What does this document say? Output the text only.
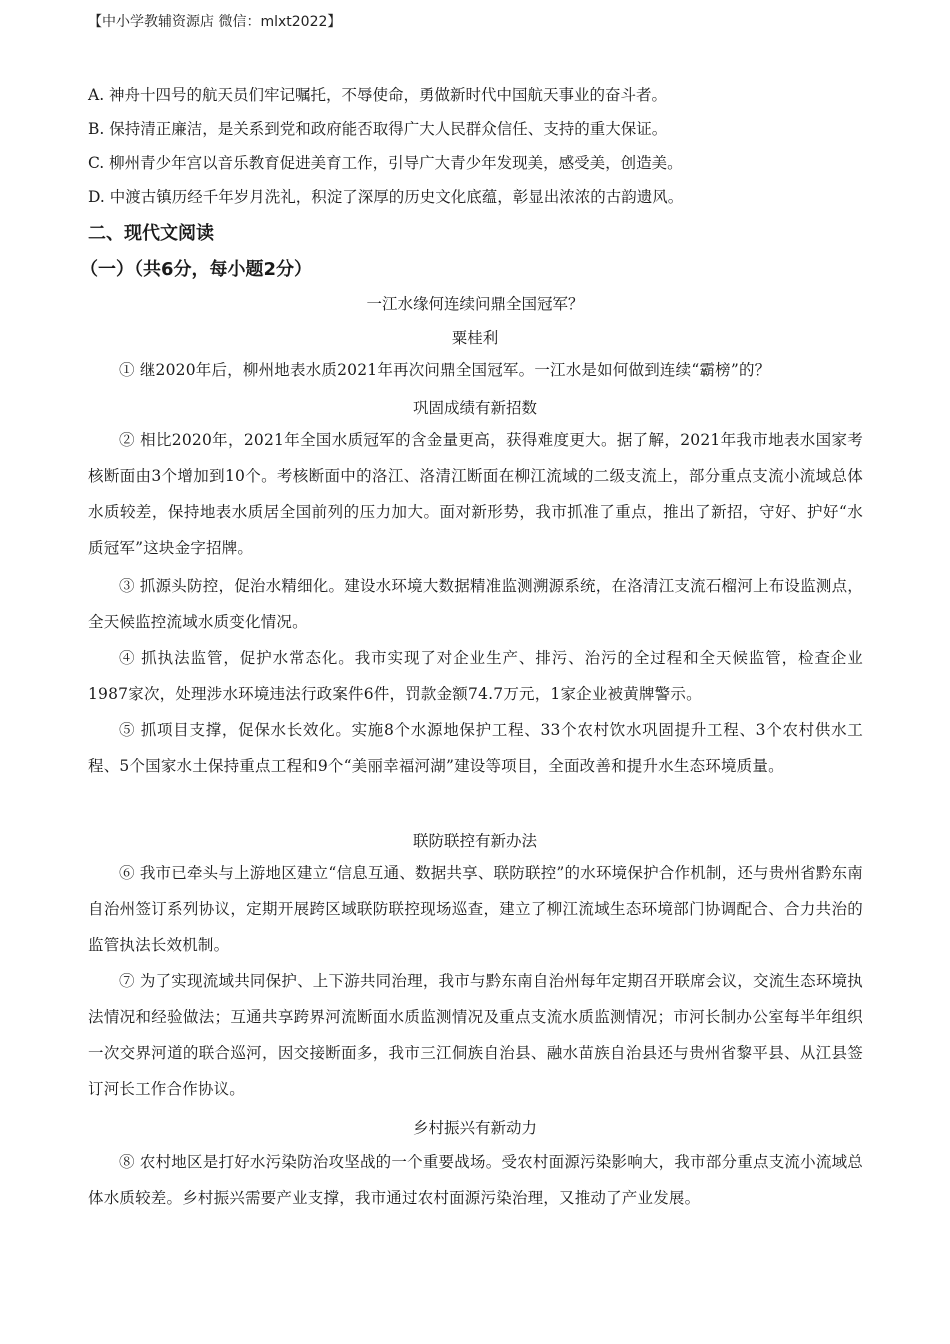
【中小学教辅资源店 微信：mlxt2022】
A. 神舟十四号的航天员们牢记嘱托，不辱使命，勇做新时代中国航天事业的奋斗者。
B. 保持清正廉洁，是关系到党和政府能否取得广大人民群众信任、支持的重大保证。
C. 柳州青少年宫以音乐教育促进美育工作，引导广大青少年发现美，感受美，创造美。
D. 中渡古镇历经千年岁月洗礼，积淀了深厚的历史文化底蕴，彰显出浓浓的古韵遗风。
二、现代文阅读
（一）（共6分，每小题2分）
一江水缘何连续问鼎全国冠军？
粟桂利
① 继2020年后，柳州地表水质2021年再次问鼎全国冠军。一江水是如何做到连续“霸榜”的？
巩固成绩有新招数
② 相比2020年，2021年全国水质冠军的含金量更高，获得难度更大。据了解，2021年我市地表水国家考核断面由3个增加到10个。考核断面中的洛江、洛清江断面在柳江流域的二级支流上，部分重点支流小流域总体水质较差，保持地表水质居全国前列的压力加大。面对新形势，我市抓准了重点，推出了新招，守好、护好“水质冠军”这块金字招牌。
③ 抓源头防控，促治水精细化。建设水环境大数据精准监测溯源系统，在洛清江支流石榴河上布设监测点，全天候监控流域水质变化情况。
④ 抓执法监管，促护水常态化。我市实现了对企业生产、排污、治污的全过程和全天候监管，检查企业1987家次，处理涉水环境违法行政案件6件，罚款金额74.7万元，1家企业被黄牌警示。
⑤ 抓项目支撑，促保水长效化。实施8个水源地保护工程、33个农村饮水巩固提升工程、3个农村供水工程、5个国家水土保持重点工程和9个“美丽幸福河湖”建设等项目，全面改善和提升水生态环境质量。
联防联控有新办法
⑥ 我市已牵头与上游地区建立“信息互通、数据共享、联防联控”的水环境保护合作机制，还与贵州省黔东南自治州签订系列协议，定期开展跨区域联防联控现场巡查，建立了柳江流域生态环境部门协调配合、合力共治的监管执法长效机制。
⑦ 为了实现流域共同保护、上下游共同治理，我市与黔东南自治州每年定期召开联席会议，交流生态环境执法情况和经验做法；互通共享跨界河流断面水质监测情况及重点支流水质监测情况；市河长制办公室每半年组织一次交界河道的联合巡河，因交接断面多，我市三江侗族自治县、融水苗族自治县还与贵州省黎平县、从江县签订河长工作合作协议。
乡村振兴有新动力
⑧ 农村地区是打好水污染防治攻坚战的一个重要战场。受农村面源污染影响大，我市部分重点支流小流域总体水质较差。乡村振兴需要产业支撑，我市通过农村面源污染治理，又推动了产业发展。
